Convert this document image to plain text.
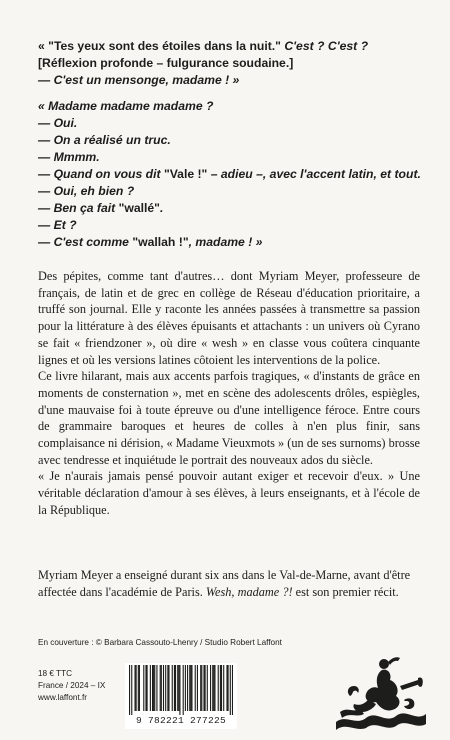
« "Tes yeux sont des étoiles dans la nuit." C'est ? C'est ?
[Réflexion profonde – fulgurance soudaine.]
— C'est un mensonge, madame ! »
« Madame madame madame ?
— Oui.
— On a réalisé un truc.
— Mmmm.
— Quand on vous dit "Vale !" – adieu –, avec l'accent latin, et tout.
— Oui, eh bien ?
— Ben ça fait "wallé".
— Et ?
— C'est comme "wallah !", madame ! »

Des pépites, comme tant d'autres… dont Myriam Meyer, professeure de français, de latin et de grec en collège de Réseau d'éducation prioritaire, a truffé son journal. Elle y raconte les années passées à transmettre sa passion pour la littérature à des élèves épuisants et attachants : un univers où Cyrano se fait « friendzoner », où dire « wesh » en classe vous coûtera cinquante lignes et où les versions latines côtoient les interventions de la police.

Ce livre hilarant, mais aux accents parfois tragiques, « d'instants de grâce en moments de consternation », met en scène des adolescents drôles, espiègles, d'une mauvaise foi à toute épreuve ou d'une intelligence féroce. Entre cours de grammaire baroques et heures de colles à n'en plus finir, sans complaisance ni dérision, « Madame Vieuxmots » (un de ses surnoms) brosse avec tendresse et inquiétude le portrait des nouveaux ados du siècle.

« Je n'aurais jamais pensé pouvoir autant exiger et recevoir d'eux. » Une véritable déclaration d'amour à ses élèves, à leurs enseignants, et à l'école de la République.

Myriam Meyer a enseigné durant six ans dans le Val-de-Marne, avant d'être affectée dans l'académie de Paris. Wesh, madame ?! est son premier récit.

En couverture : © Barbara Cassouto-Lhenry / Studio Robert Laffont
18 € TTC
France / 2024 – IX
www.laffont.fr
9 782221 277225
